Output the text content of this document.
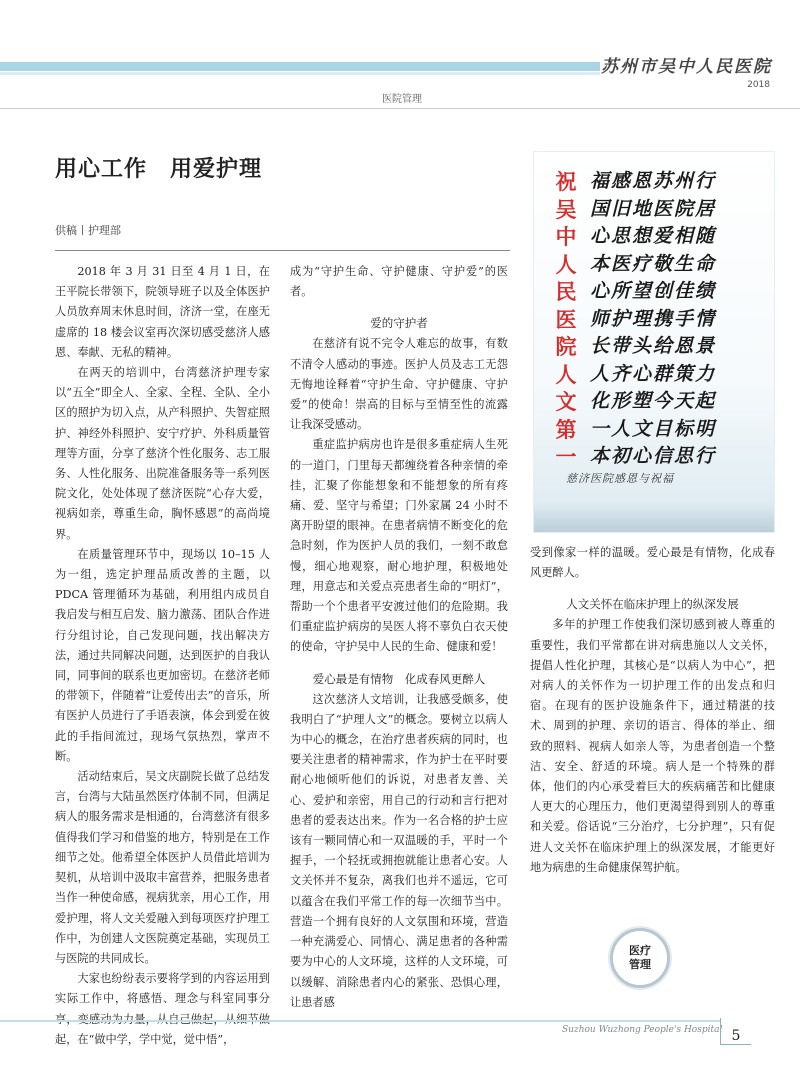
苏州市吴中人民医院
2018
医院管理
用心工作　用爱护理
供稿丨护理部
祝
吴
中
人
民
医
院
人
文
第
一
福感恩苏州行
国旧地医院居
心思想爱相随
本医疗敬生命
心所望创佳绩
师护理携手情
长带头给恩景
人齐心群策力
化形塑今天起
一人文目标明
本初心信思行
慈济医院感恩与祝福

2018 年 3 月 31 日至 4 月 1 日，在王平院长带领下，院领导班子以及全体医护人员放弃周末休息时间，济济一堂，在座无虚席的 18 楼会议室再次深切感受慈济人感恩、奉献、无私的精神。

在两天的培训中，台湾慈济护理专家以“五全”即全人、全家、全程、全队、全小区的照护为切入点，从产科照护、失智症照护、神经外科照护、安宁疗护、外科质量管理等方面，分享了慈济个性化服务、志工服务、人性化服务、出院准备服务等一系列医院文化，处处体现了慈济医院“心存大爱，视病如亲，尊重生命，胸怀感恩”的高尚境界。

在质量管理环节中，现场以 10–15 人为一组，选定护理品质改善的主题，以 PDCA 管理循环为基础，利用组内成员自我启发与相互启发、脑力激荡、团队合作进行分组讨论，自己发现问题，找出解决方法，通过共同解决问题，达到医护的自我认同，同事间的联系也更加密切。在慈济老师的带领下，伴随着“让爱传出去”的音乐，所有医护人员进行了手语表演，体会到爱在彼此的手指间流过，现场气氛热烈，掌声不断。

活动结束后，吴文庆副院长做了总结发言，台湾与大陆虽然医疗体制不同，但满足病人的服务需求是相通的，台湾慈济有很多值得我们学习和借鉴的地方，特别是在工作细节之处。他希望全体医护人员借此培训为契机，从培训中汲取丰富营养，把服务患者当作一种使命感，视病犹亲，用心工作，用爱护理，将人文关爱融入到每项医疗护理工作中，为创建人文医院奠定基础，实现员工与医院的共同成长。

大家也纷纷表示要将学到的内容运用到实际工作中，将感悟、理念与科室同事分 起，在“做中学，学中觉，觉中悟”，

成为“守护生命、守护健康、守护爱”的医者。

爱的守护者

在慈济有说不完令人难忘的故事，有数不清令人感动的事迹。医护人员及志工无怨无悔地诠释着“守护生命、守护健康、守护爱”的使命！崇高的目标与至情至性的流露让我深受感动。

重症监护病房也许是很多重症病人生死的一道门，门里每天都缠绕着各种亲情的牵挂，汇聚了你能想象和不能想象的所有疼痛、爱、坚守与希望；门外家属 24 小时不离开盼望的眼神。在患者病情不断变化的危急时刻，作为医护人员的我们，一刻不敢怠慢，细心地观察，耐心地护理，积极地处理，用意志和关爱点亮患者生命的“明灯”，帮助一个个患者平安渡过他们的危险期。我们重症监护病房的吴医人将不辜负白衣天使的使命，守护吴中人民的生命、健康和爱！

爱心最是有情物　化成春风更醉人

这次慈济人文培训，让我感受颇多，使我明白了“护理人文”的概念。要树立以病人为中心的概念，在治疗患者疾病的同时，也要关注患者的精神需求，作为护士在平时要耐心地倾听他们的诉说，对患者友善、关心、爱护和亲密，用自己的行动和言行把对患者的爱表达出来。作为一名合格的护士应该有一颗同情心和一双温暖的手，平时一个握手，一个轻抚或拥抱就能让患者心安。人文关怀并不复杂，离我们也并不遥远，它可以蕴含在我们平常工作的每一次细节当中。营造一个拥有良好的人文氛围和环境，营造一种充满爱心、同情心、满足患者的各种需要为中心的人文环境，这样的人文环境，可以缓解、消除患者内心的紧张、恐惧心理，让患者感

受到像家一样的温暖。爱心最是有情物，化成春风更醉人。

人文关怀在临床护理上的纵深发展

多年的护理工作使我们深切感到被人尊重的重要性，我们平常都在讲对病患施以人文关怀，提倡人性化护理，其核心是“以病人为中心”，把对病人的关怀作为一切护理工作的出发点和归宿。在现有的医护设施条件下，通过精湛的技术、周到的护理、亲切的语言、得体的举止、细致的照料、视病人如亲人等，为患者创造一个整洁、安全、舒适的环境。病人是一个特殊的群体，他们的内心承受着巨大的疾病痛苦和比健康人更大的心理压力，他们更渴望得到别人的尊重和关爱。俗话说“三分治疗，七分护理”，只有促进人文关怀在临床护理上的纵深发展，才能更好地为病患的生命健康保驾护航。

医疗
管理
Suzhou Wuzhong People's Hospital 5
